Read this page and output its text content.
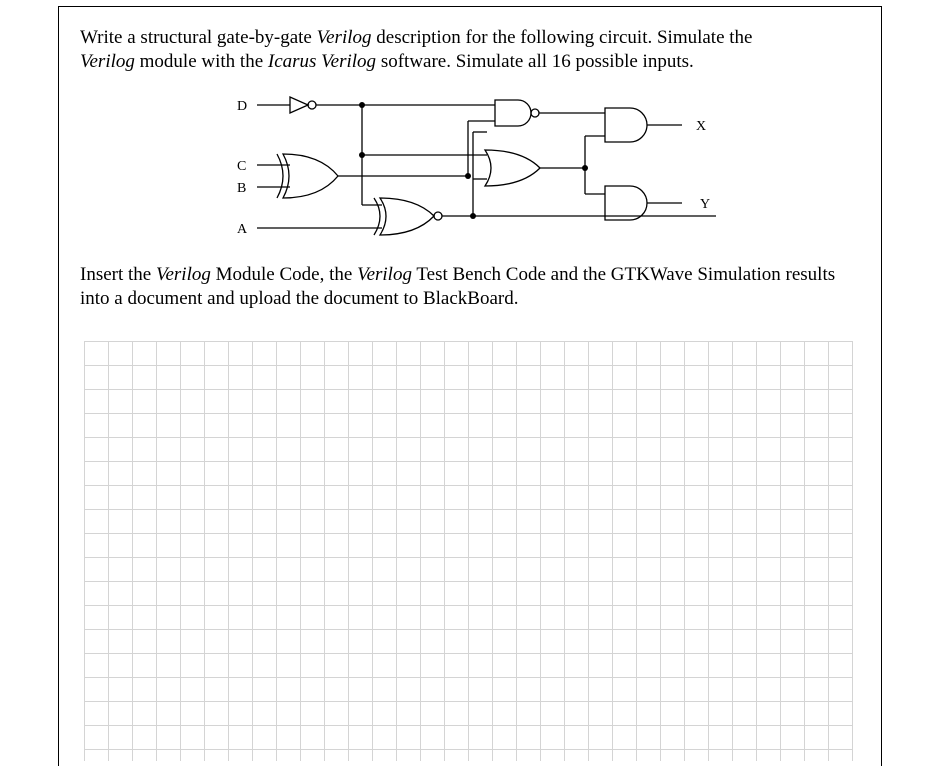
Write a structural gate-by-gate Verilog description for the following circuit. Simulate the
Verilog module with the Icarus Verilog software. Simulate all 16 possible inputs.

D
C
B
A
X
Y

Insert the Verilog Module Code, the Verilog Test Bench Code and the GTKWave Simulation results into a document and upload the document to BlackBoard.
